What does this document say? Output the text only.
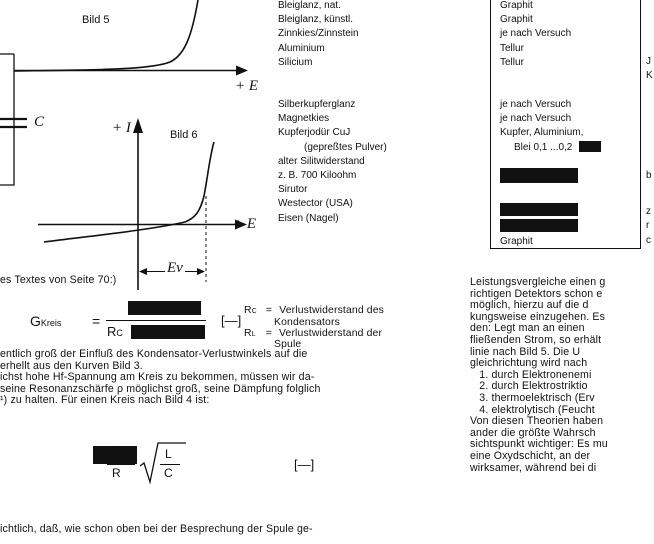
Bild 5
Bild 6
+ E
+ E
+ I
Ev
C
Bleiglanz, nat.
Bleiglanz, künstl.
Zinnkies/Zinnstein
Aluminium
Silicium
Silberkupferglanz
Magnetkies
Kupferjodür CuJ
(gepreßtes Pulver)
alter Silitwiderstand
z. B. 700 Kiloohm
Sirutor
Westector (USA)
Eisen (Nagel)
Graphit
Graphit
je nach Versuch
Tellur
Tellur
je nach Versuch
je nach Versuch
Kupfer, Aluminium,
Blei 0,1 ...0,2
Graphit
J
K
b
z
r
c
es Textes von Seite 70:)
GKreis =
RC
[—]
RC = Verlustwiderstand des
Kondensators
RL = Verlustwiderstand der
Spule
entlich groß der Einfluß des Kondensator-Verlustwinkels auf die
erhellt aus den Kurven Bild 3.
ichst hohe Hf-Spannung am Kreis zu bekommen, müssen wir da-
seine Resonanzschärfe ρ möglichst groß, seine Dämpfung folglich
¹) zu halten. Für einen Kreis nach Bild 4 ist:
1
R
L
C
[—]
ichtlich, daß, wie schon oben bei der Besprechung der Spule ge-
Leistungsvergleiche einen g
richtigen Detektors schon e
möglich, hierzu auf die d
kungsweise einzugehen. Es
den: Legt man an einen
fließenden Strom, so erhält
linie nach Bild 5. Die U
gleichrichtung wird nach
1. durch Elektronenemi
2. durch Elektrostriktio
3. thermoelektrisch (Erv
4. elektrolytisch (Feucht
Von diesen Theorien haben
ander die größte Wahrsch
sichtspunkt wichtiger: Es mu
eine Oxydschicht, an der
wirksamer, während bei di
